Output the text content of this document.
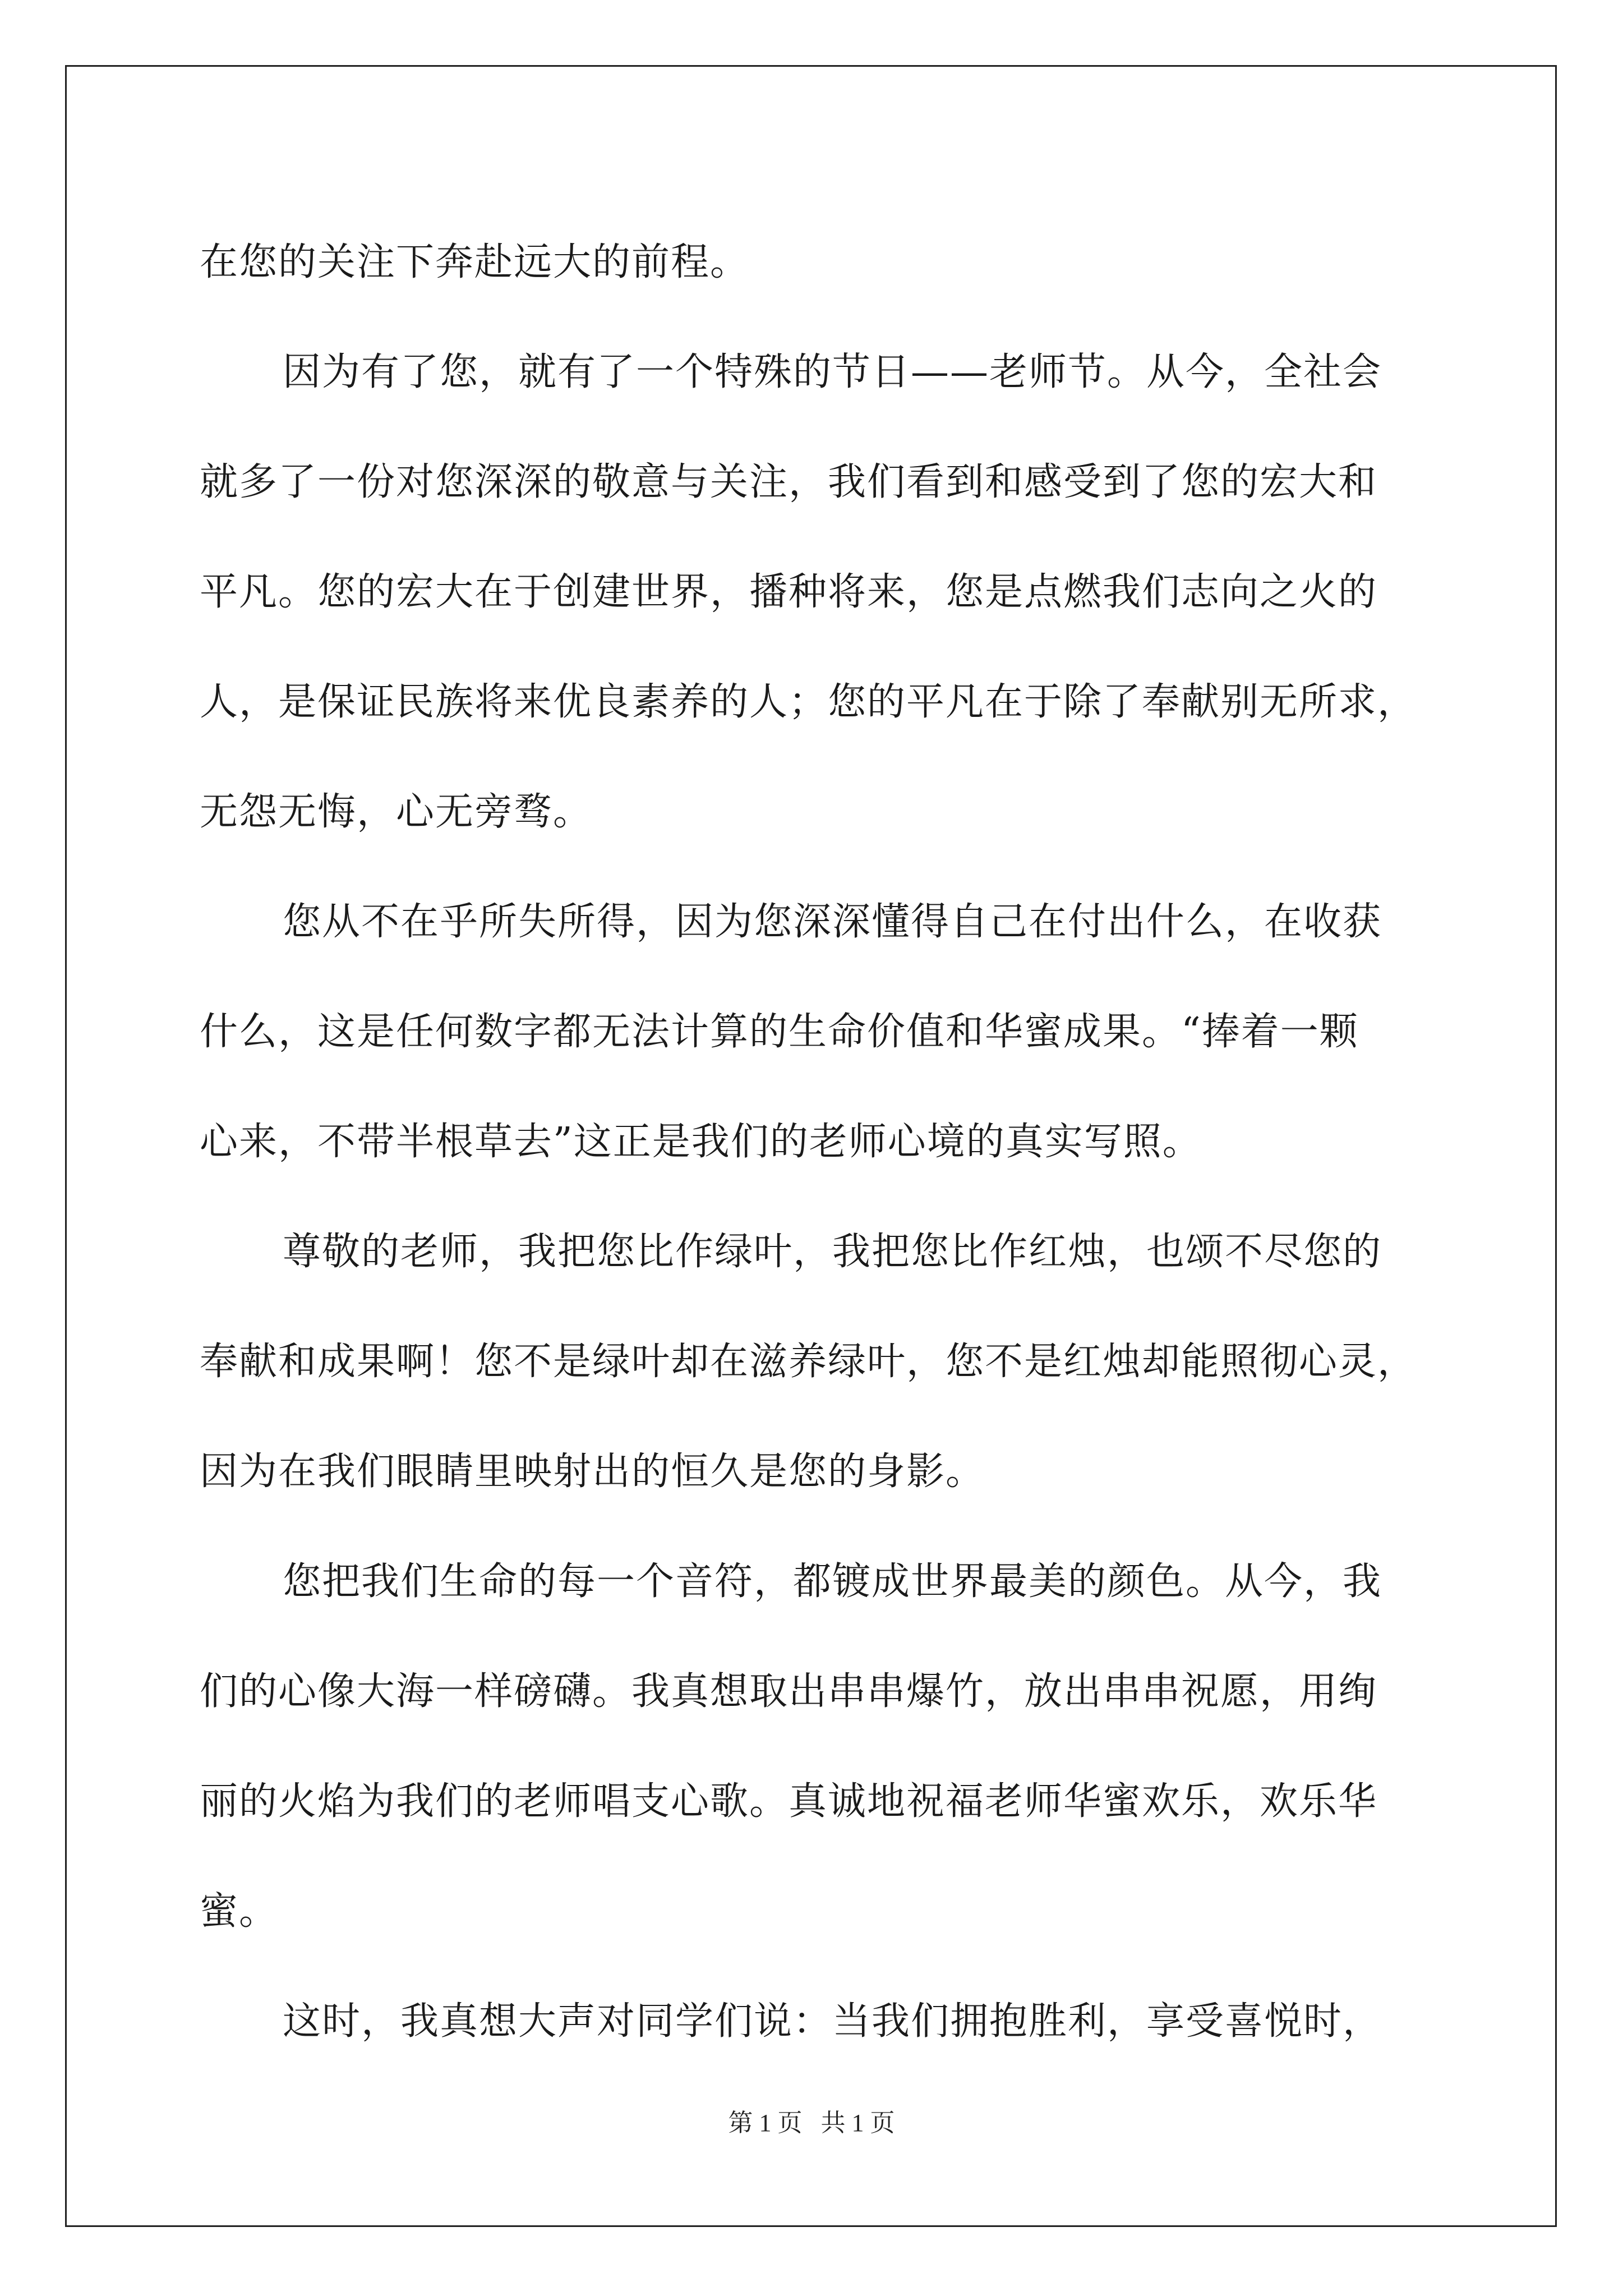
在您的关注下奔赴远大的前程。
因为有了您，就有了一个特殊的节日——老师节。从今，全社会
就多了一份对您深深的敬意与关注，我们看到和感受到了您的宏大和
平凡。您的宏大在于创建世界，播种将来，您是点燃我们志向之火的
人，是保证民族将来优良素养的人；您的平凡在于除了奉献别无所求，
无怨无悔，心无旁骛。
您从不在乎所失所得，因为您深深懂得自己在付出什么，在收获
什么，这是任何数字都无法计算的生命价值和华蜜成果。“捧着一颗
心来，不带半根草去”这正是我们的老师心境的真实写照。
尊敬的老师，我把您比作绿叶，我把您比作红烛，也颂不尽您的
奉献和成果啊！您不是绿叶却在滋养绿叶，您不是红烛却能照彻心灵，
因为在我们眼睛里映射出的恒久是您的身影。
您把我们生命的每一个音符，都镀成世界最美的颜色。从今，我
们的心像大海一样磅礴。我真想取出串串爆竹，放出串串祝愿，用绚
丽的火焰为我们的老师唱支心歌。真诚地祝福老师华蜜欢乐，欢乐华
蜜。
这时，我真想大声对同学们说：当我们拥抱胜利，享受喜悦时，
第 1 页 共 1 页
